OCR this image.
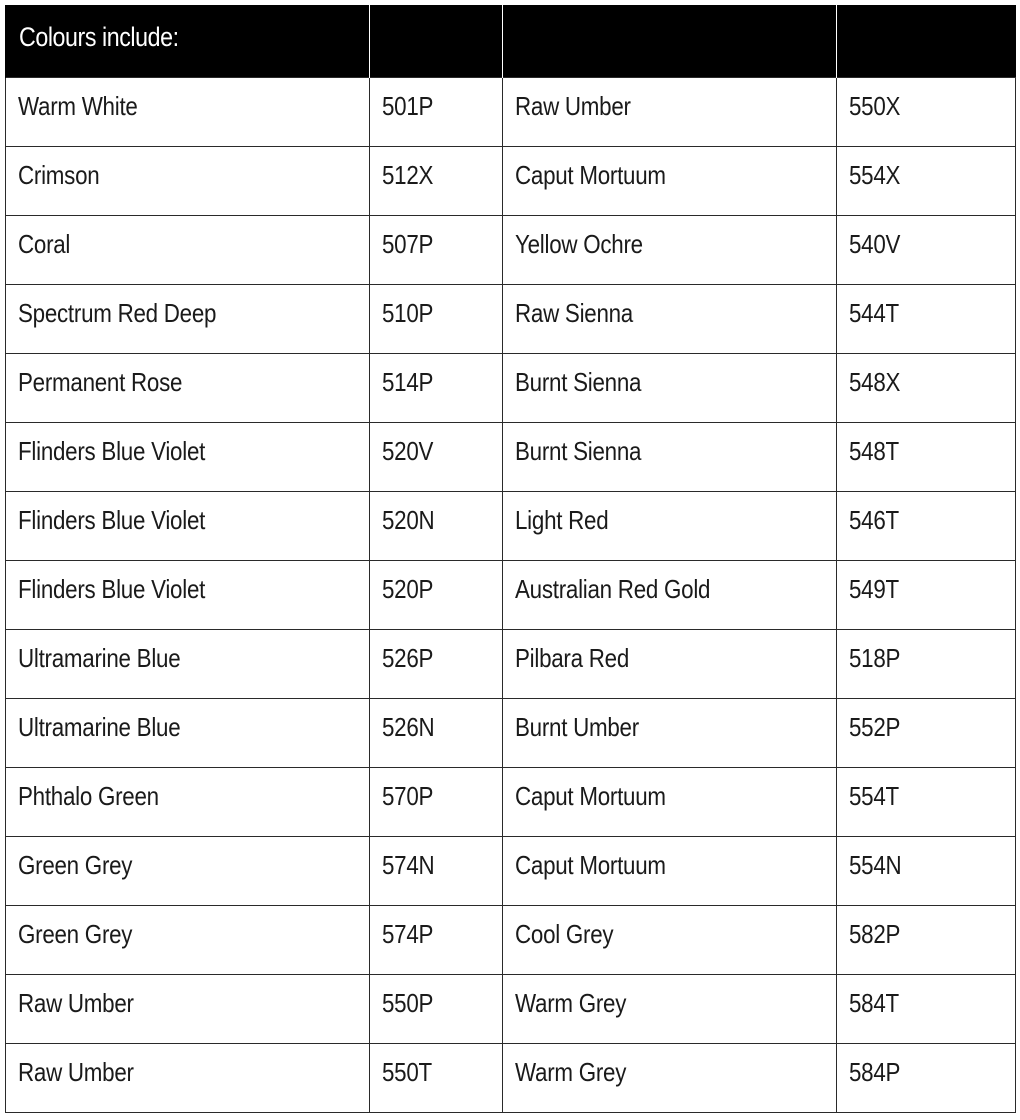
Colours include:			
Warm White	501P	Raw Umber	550X
Crimson	512X	Caput Mortuum	554X
Coral	507P	Yellow Ochre	540V
Spectrum Red Deep	510P	Raw Sienna	544T
Permanent Rose	514P	Burnt Sienna	548X
Flinders Blue Violet	520V	Burnt Sienna	548T
Flinders Blue Violet	520N	Light Red	546T
Flinders Blue Violet	520P	Australian Red Gold	549T
Ultramarine Blue	526P	Pilbara Red	518P
Ultramarine Blue	526N	Burnt Umber	552P
Phthalo Green	570P	Caput Mortuum	554T
Green Grey	574N	Caput Mortuum	554N
Green Grey	574P	Cool Grey	582P
Raw Umber	550P	Warm Grey	584T
Raw Umber	550T	Warm Grey	584P
